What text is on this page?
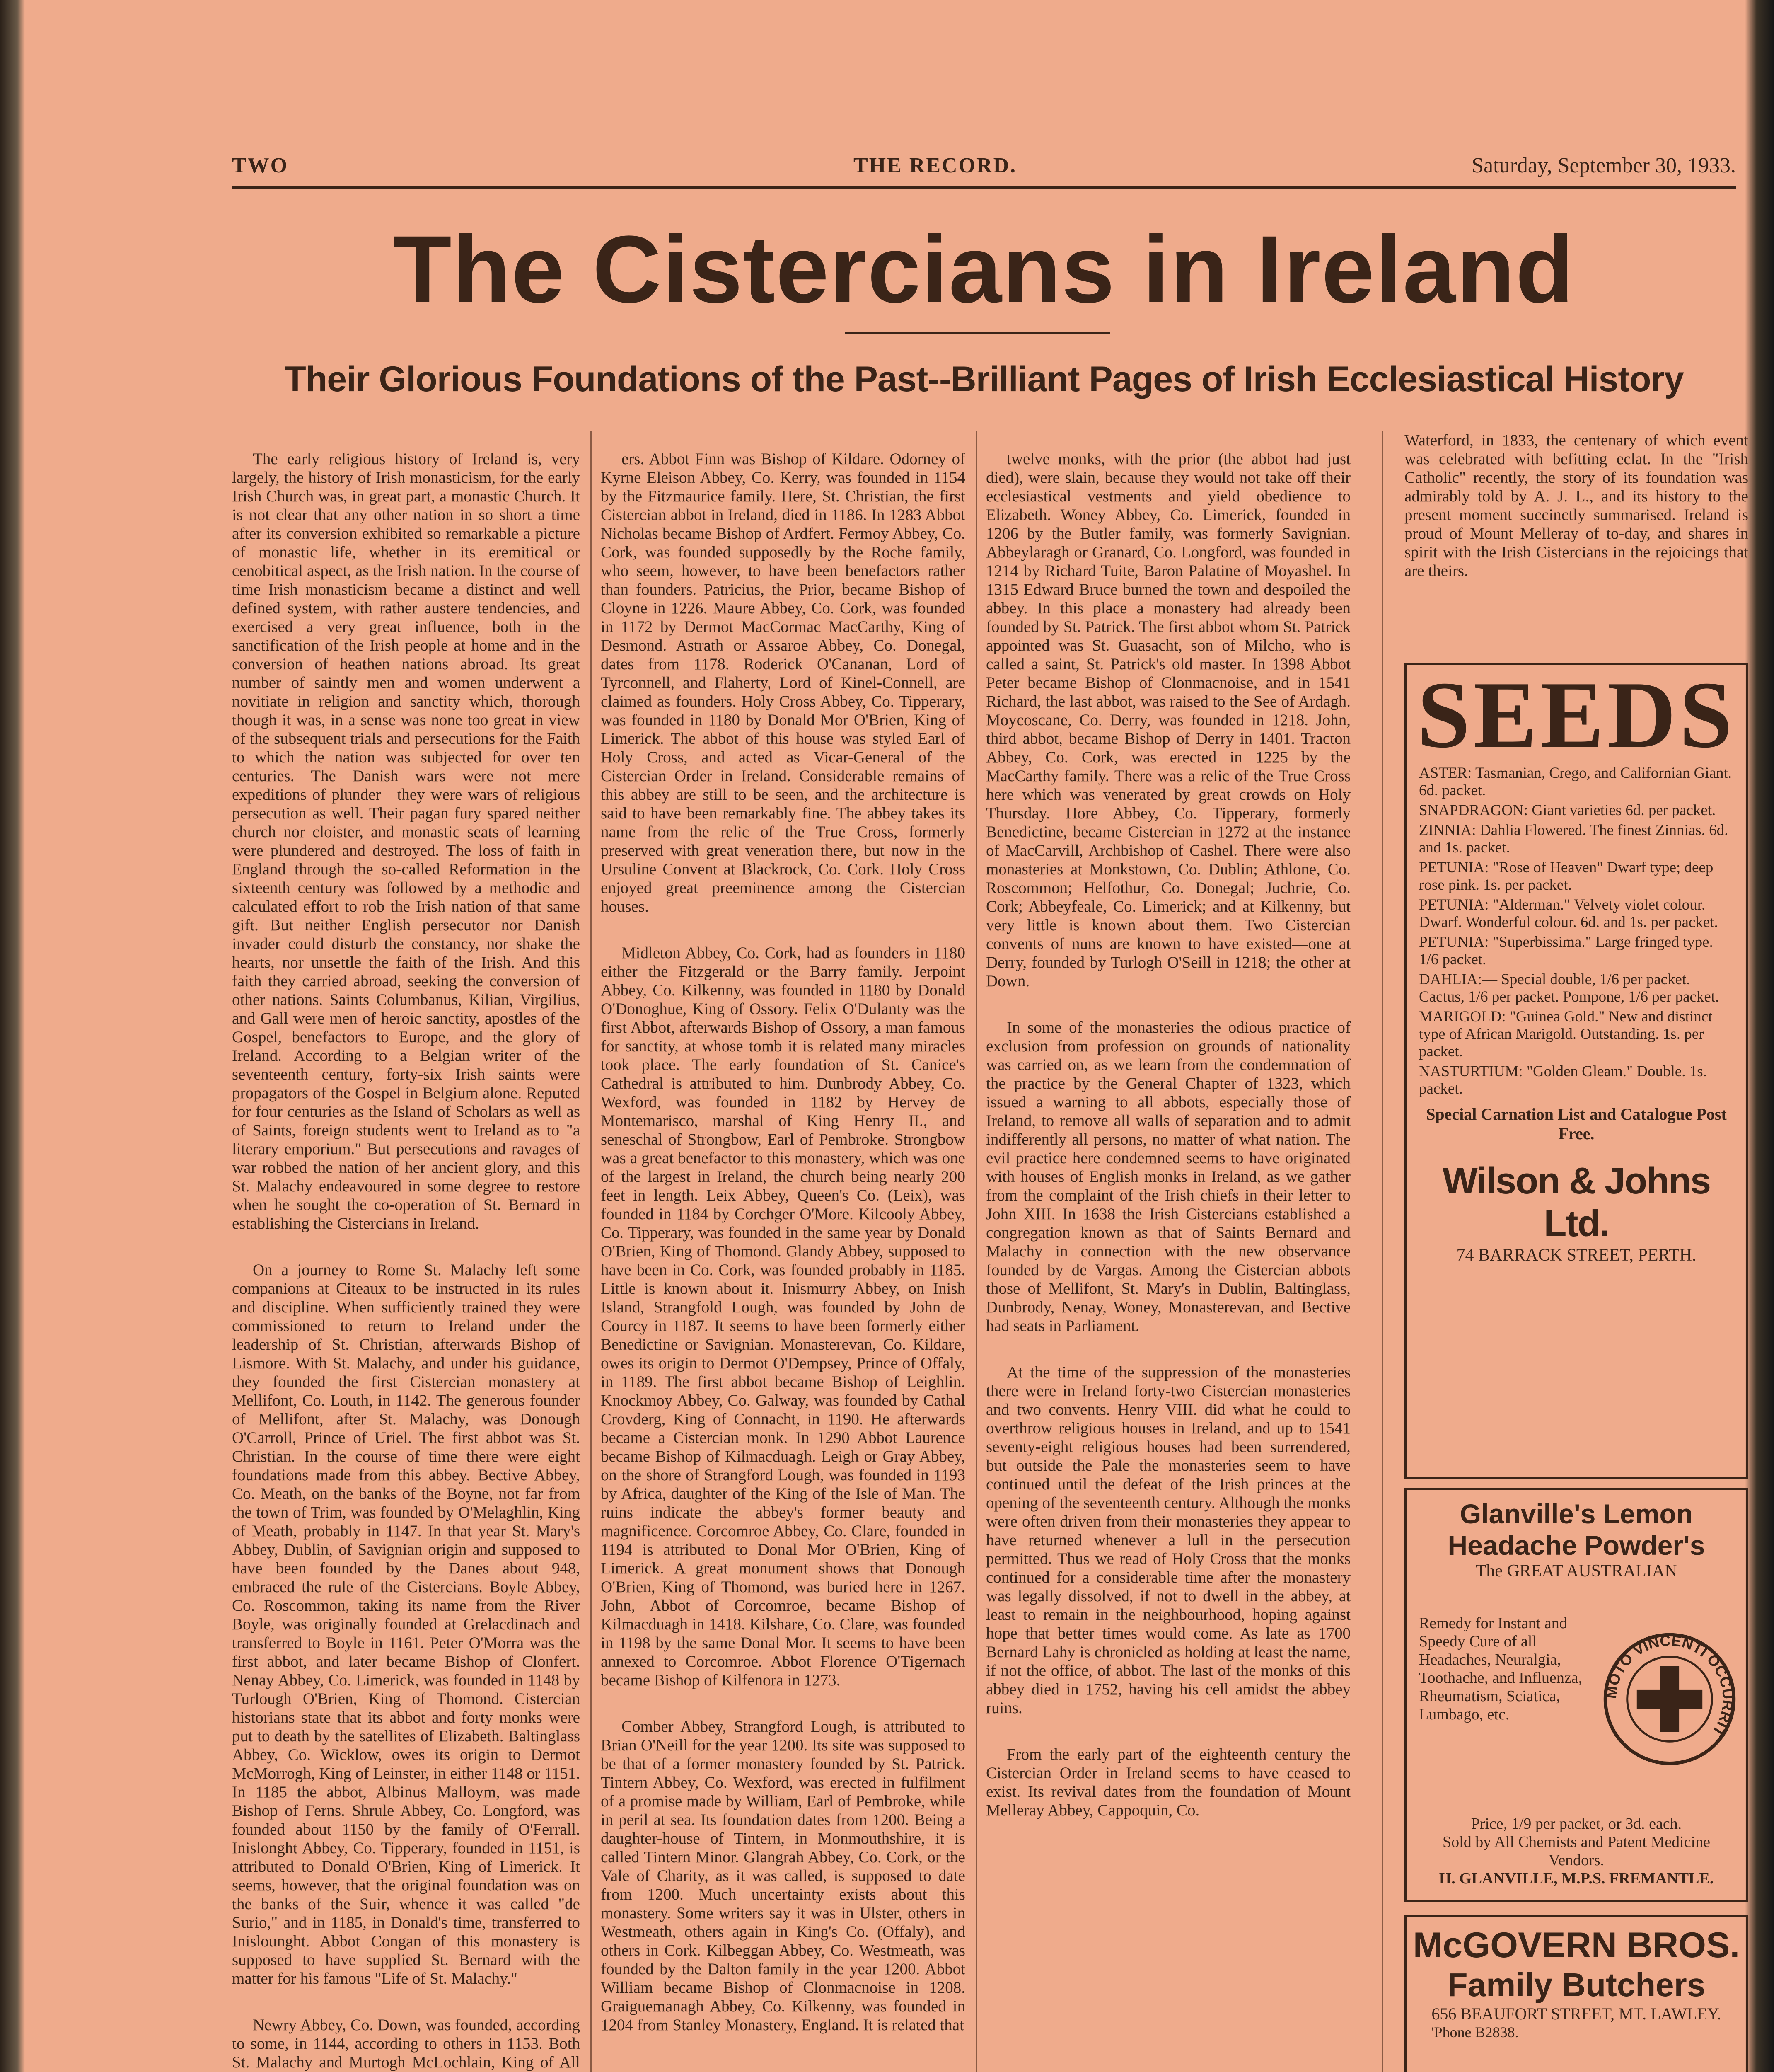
TWO	THE RECORD.	Saturday, September 30, 1933.
The Cistercians in Ireland
Their Glorious Foundations of the Past--Brilliant Pages of Irish Ecclesiastical History

The early religious history of Ireland is, very largely, the history of Irish monasticism, for the early Irish Church was, in great part, a monastic Church. It is not clear that any other nation in so short a time after its conversion exhibited so remarkable a picture of monastic life, whether in its eremitical or cenobitical aspect, as the Irish nation. In the course of time Irish monasticism became a distinct and well defined system, with rather austere tendencies, and exercised a very great influence, both in the sanctification of the Irish people at home and in the conversion of heathen nations abroad. Its great number of saintly men and women underwent a novitiate in religion and sanctity which, thorough though it was, in a sense was none too great in view of the subsequent trials and persecutions for the Faith to which the nation was subjected for over ten centuries. The Danish wars were not mere expeditions of plunder—they were wars of religious persecution as well. Their pagan fury spared neither church nor cloister, and monastic seats of learning were plundered and destroyed. The loss of faith in England through the so-called Reformation in the sixteenth century was followed by a methodic and calculated effort to rob the Irish nation of that same gift. But neither English persecutor nor Danish invader could disturb the constancy, nor shake the hearts, nor unsettle the faith of the Irish. And this faith they carried abroad, seeking the conversion of other nations. Saints Columbanus, Kilian, Virgilius, and Gall were men of heroic sanctity, apostles of the Gospel, benefactors to Europe, and the glory of Ireland. According to a Belgian writer of the seventeenth century, forty-six Irish saints were propagators of the Gospel in Belgium alone. Reputed for four centuries as the Island of Scholars as well as of Saints, foreign students went to Ireland as to "a literary emporium." But persecutions and ravages of war robbed the nation of her ancient glory, and this St. Malachy endeavoured in some degree to restore when he sought the co-operation of St. Bernard in establishing the Cistercians in Ireland.

On a journey to Rome St. Malachy left some companions at Citeaux to be instructed in its rules and discipline. When sufficiently trained they were commissioned to return to Ireland under the leadership of St. Christian, afterwards Bishop of Lismore. With St. Malachy, and under his guidance, they founded the first Cistercian monastery at Mellifont, Co. Louth, in 1142. The generous founder of Mellifont, after St. Malachy, was Donough O'Carroll, Prince of Uriel. The first abbot was St. Christian. In the course of time there were eight foundations made from this abbey. Bective Abbey, Co. Meath, on the banks of the Boyne, not far from the town of Trim, was founded by O'Melaghlin, King of Meath, probably in 1147. In that year St. Mary's Abbey, Dublin, of Savignian origin and supposed to have been founded by the Danes about 948, embraced the rule of the Cistercians. Boyle Abbey, Co. Roscommon, taking its name from the River Boyle, was originally founded at Grelacdinach and transferred to Boyle in 1161. Peter O'Morra was the first abbot, and later became Bishop of Clonfert. Nenay Abbey, Co. Limerick, was founded in 1148 by Turlough O'Brien, King of Thomond. Cistercian historians state that its abbot and forty monks were put to death by the satellites of Elizabeth. Baltinglass Abbey, Co. Wicklow, owes its origin to Dermot McMorrogh, King of Leinster, in either 1148 or 1151. In 1185 the abbot, Albinus Malloym, was made Bishop of Ferns. Shrule Abbey, Co. Longford, was founded about 1150 by the family of O'Ferrall. Inislonght Abbey, Co. Tipperary, founded in 1151, is attributed to Donald O'Brien, King of Limerick. It seems, however, that the original foundation was on the banks of the Suir, whence it was called "de Surio," and in 1185, in Donald's time, transferred to Inislounght. Abbot Congan of this monastery is supposed to have supplied St. Bernard with the matter for his famous "Life of St. Malachy."

Newry Abbey, Co. Down, was founded, according to some, in 1144, according to others in 1153. Both St. Malachy and Murtogh McLochlain, King of All

ers. Abbot Finn was Bishop of Kildare. Odorney of Kyrne Eleison Abbey, Co. Kerry, was founded in 1154 by the Fitzmaurice family. Here, St. Christian, the first Cistercian abbot in Ireland, died in 1186. In 1283 Abbot Nicholas became Bishop of Ardfert. Fermoy Abbey, Co. Cork, was founded supposedly by the Roche family, who seem, however, to have been benefactors rather than founders. Patricius, the Prior, became Bishop of Cloyne in 1226. Maure Abbey, Co. Cork, was founded in 1172 by Dermot MacCormac MacCarthy, King of Desmond. Astrath or Assaroe Abbey, Co. Donegal, dates from 1178. Roderick O'Cananan, Lord of Tyrconnell, and Flaherty, Lord of Kinel-Connell, are claimed as founders. Holy Cross Abbey, Co. Tipperary, was founded in 1180 by Donald Mor O'Brien, King of Limerick. The abbot of this house was styled Earl of Holy Cross, and acted as Vicar-General of the Cistercian Order in Ireland. Considerable remains of this abbey are still to be seen, and the architecture is said to have been remarkably fine. The abbey takes its name from the relic of the True Cross, formerly preserved with great veneration there, but now in the Ursuline Convent at Blackrock, Co. Cork. Holy Cross enjoyed great preeminence among the Cistercian houses.

Midleton Abbey, Co. Cork, had as founders in 1180 either the Fitzgerald or the Barry family. Jerpoint Abbey, Co. Kilkenny, was founded in 1180 by Donald O'Donoghue, King of Ossory. Felix O'Dulanty was the first Abbot, afterwards Bishop of Ossory, a man famous for sanctity, at whose tomb it is related many miracles took place. The early foundation of St. Canice's Cathedral is attributed to him. Dunbrody Abbey, Co. Wexford, was founded in 1182 by Hervey de Montemarisco, marshal of King Henry II., and seneschal of Strongbow, Earl of Pembroke. Strongbow was a great benefactor to this monastery, which was one of the largest in Ireland, the church being nearly 200 feet in length. Leix Abbey, Queen's Co. (Leix), was founded in 1184 by Corchger O'More. Kilcooly Abbey, Co. Tipperary, was founded in the same year by Donald O'Brien, King of Thomond. Glandy Abbey, supposed to have been in Co. Cork, was founded probably in 1185. Little is known about it. Inismurry Abbey, on Inish Island, Strangfold Lough, was founded by John de Courcy in 1187. It seems to have been formerly either Benedictine or Savignian. Monasterevan, Co. Kildare, owes its origin to Dermot O'Dempsey, Prince of Offaly, in 1189. The first abbot became Bishop of Leighlin. Knockmoy Abbey, Co. Galway, was founded by Cathal Crovderg, King of Connacht, in 1190. He afterwards became a Cistercian monk. In 1290 Abbot Laurence became Bishop of Kilmacduagh. Leigh or Gray Abbey, on the shore of Strangford Lough, was founded in 1193 by Africa, daughter of the King of the Isle of Man. The ruins indicate the abbey's former beauty and magnificence. Corcomroe Abbey, Co. Clare, founded in 1194 is attributed to Donal Mor O'Brien, King of Limerick. A great monument shows that Donough O'Brien, King of Thomond, was buried here in 1267. John, Abbot of Corcomroe, became Bishop of Kilmacduagh in 1418. Kilshare, Co. Clare, was founded in 1198 by the same Donal Mor. It seems to have been annexed to Corcomroe. Abbot Florence O'Tigernach became Bishop of Kilfenora in 1273.

Comber Abbey, Strangford Lough, is attributed to Brian O'Neill for the year 1200. Its site was supposed to be that of a former monastery founded by St. Patrick. Tintern Abbey, Co. Wexford, was erected in fulfilment of a promise made by William, Earl of Pembroke, while in peril at sea. Its foundation dates from 1200. Being a daughter-house of Tintern, in Monmouthshire, it is called Tintern Minor. Glangrah Abbey, Co. Cork, or the Vale of Charity, as it was called, is supposed to date from 1200. Much uncertainty exists about this monastery. Some writers say it was in Ulster, others in Westmeath, others again in King's Co. (Offaly), and others in Cork. Kilbeggan Abbey, Co. Westmeath, was founded by the Dalton family in the year 1200. Abbot William became Bishop of Clonmacnoise in 1208. Graiguemanagh Abbey, Co. Kilkenny, was founded in 1204 from Stanley Monastery, England. It is related that

twelve monks, with the prior (the abbot had just died), were slain, because they would not take off their ecclesiastical vestments and yield obedience to Elizabeth. Woney Abbey, Co. Limerick, founded in 1206 by the Butler family, was formerly Savignian. Abbeylaragh or Granard, Co. Longford, was founded in 1214 by Richard Tuite, Baron Palatine of Moyashel. In 1315 Edward Bruce burned the town and despoiled the abbey. In this place a monastery had already been founded by St. Patrick. The first abbot whom St. Patrick appointed was St. Guasacht, son of Milcho, who is called a saint, St. Patrick's old master. In 1398 Abbot Peter became Bishop of Clonmacnoise, and in 1541 Richard, the last abbot, was raised to the See of Ardagh. Moycoscane, Co. Derry, was founded in 1218. John, third abbot, became Bishop of Derry in 1401. Tracton Abbey, Co. Cork, was erected in 1225 by the MacCarthy family. There was a relic of the True Cross here which was venerated by great crowds on Holy Thursday. Hore Abbey, Co. Tipperary, formerly Benedictine, became Cistercian in 1272 at the instance of MacCarvill, Archbishop of Cashel. There were also monasteries at Monkstown, Co. Dublin; Athlone, Co. Roscommon; Helfothur, Co. Donegal; Juchrie, Co. Cork; Abbeyfeale, Co. Limerick; and at Kilkenny, but very little is known about them. Two Cistercian convents of nuns are known to have existed—one at Derry, founded by Turlogh O'Seill in 1218; the other at Down.

In some of the monasteries the odious practice of exclusion from profession on grounds of nationality was carried on, as we learn from the condemnation of the practice by the General Chapter of 1323, which issued a warning to all abbots, especially those of Ireland, to remove all walls of separation and to admit indifferently all persons, no matter of what nation. The evil practice here condemned seems to have originated with houses of English monks in Ireland, as we gather from the complaint of the Irish chiefs in their letter to John XIII. In 1638 the Irish Cistercians established a congregation known as that of Saints Bernard and Malachy in connection with the new observance founded by de Vargas. Among the Cistercian abbots those of Mellifont, St. Mary's in Dublin, Baltinglass, Dunbrody, Nenay, Woney, Monasterevan, and Bective had seats in Parliament.

At the time of the suppression of the monasteries there were in Ireland forty-two Cistercian monasteries and two convents. Henry VIII. did what he could to overthrow religious houses in Ireland, and up to 1541 seventy-eight religious houses had been surrendered, but outside the Pale the monasteries seem to have continued until the defeat of the Irish princes at the opening of the seventeenth century. Although the monks were often driven from their monasteries they appear to have returned whenever a lull in the persecution permitted. Thus we read of Holy Cross that the monks continued for a considerable time after the monastery was legally dissolved, if not to dwell in the abbey, at least to remain in the neighbourhood, hoping against hope that better times would come. As late as 1700 Bernard Lahy is chronicled as holding at least the name, if not the office, of abbot. The last of the monks of this abbey died in 1752, having his cell amidst the abbey ruins.

From the early part of the eighteenth century the Cistercian Order in Ireland seems to have ceased to exist. Its revival dates from the foundation of Mount Melleray Abbey, Cappoquin, Co.

Waterford, in 1833, the centenary of which event was celebrated with befitting eclat. In the "Irish Catholic" recently, the story of its foundation was admirably told by A. J. L., and its history to the present moment succinctly summarised. Ireland is proud of Mount Melleray of to-day, and shares in spirit with the Irish Cistercians in the rejoicings that are theirs.
SEEDS
ASTER: Tasmanian, Crego, and Californian Giant. 6d. packet.
SNAPDRAGON: Giant varieties 6d. per packet.
ZINNIA: Dahlia Flowered. The finest Zinnias. 6d. and 1s. packet.
PETUNIA: "Rose of Heaven" Dwarf type; deep rose pink. 1s. per packet.
PETUNIA: "Alderman." Velvety violet colour. Dwarf. Wonderful colour. 6d. and 1s. per packet.
PETUNIA: "Superbissima." Large fringed type. 1/6 packet.
DAHLIA:— Special double, 1/6 per packet. Cactus, 1/6 per packet. Pompone, 1/6 per packet.
MARIGOLD: "Guinea Gold." New and distinct type of African Marigold. Outstanding. 1s. per packet.
NASTURTIUM: "Golden Gleam." Double. 1s. packet.
Special Carnation List and Catalogue Post Free.
Wilson & Johns Ltd.
74 BARRACK STREET, PERTH.
Glanville's Lemon
Headache Powder's
The GREAT AUSTRALIAN
Remedy for Instant and Speedy Cure of all Headaches, Neuralgia, Toothache, and Influenza, Rheumatism, Sciatica, Lumbago, etc.
MOTO VINCENTI OCCURRIT
Price, 1/9 per packet, or 3d. each.
Sold by All Chemists and Patent Medicine Vendors.
H. GLANVILLE, M.P.S. FREMANTLE.
McGOVERN BROS.
Family Butchers
656 BEAUFORT STREET, MT. LAWLEY.
'Phone B2838.
